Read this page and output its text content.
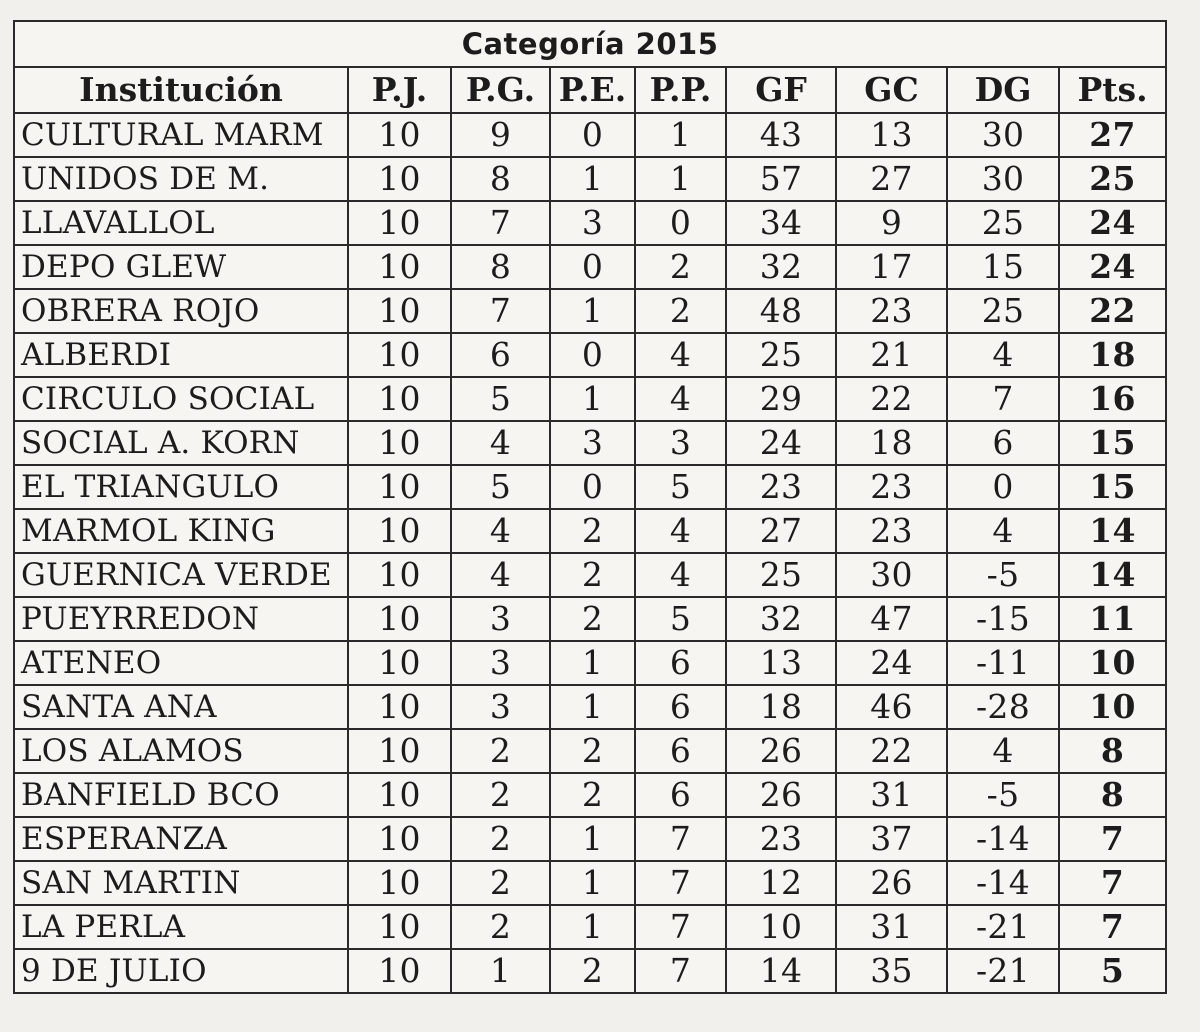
Categoría 2015								
Institución	P.J.	P.G.	P.E.	P.P.	GF	GC	DG	Pts.
CULTURAL MARM	10	9	0	1	43	13	30	27
UNIDOS DE M.	10	8	1	1	57	27	30	25
LLAVALLOL	10	7	3	0	34	9	25	24
DEPO GLEW	10	8	0	2	32	17	15	24
OBRERA ROJO	10	7	1	2	48	23	25	22
ALBERDI	10	6	0	4	25	21	4	18
CIRCULO SOCIAL	10	5	1	4	29	22	7	16
SOCIAL A. KORN	10	4	3	3	24	18	6	15
EL TRIANGULO	10	5	0	5	23	23	0	15
MARMOL KING	10	4	2	4	27	23	4	14
GUERNICA VERDE	10	4	2	4	25	30	-5	14
PUEYRREDON	10	3	2	5	32	47	-15	11
ATENEO	10	3	1	6	13	24	-11	10
SANTA ANA	10	3	1	6	18	46	-28	10
LOS ALAMOS	10	2	2	6	26	22	4	8
BANFIELD BCO	10	2	2	6	26	31	-5	8
ESPERANZA	10	2	1	7	23	37	-14	7
SAN MARTIN	10	2	1	7	12	26	-14	7
LA PERLA	10	2	1	7	10	31	-21	7
9 DE JULIO	10	1	2	7	14	35	-21	5
